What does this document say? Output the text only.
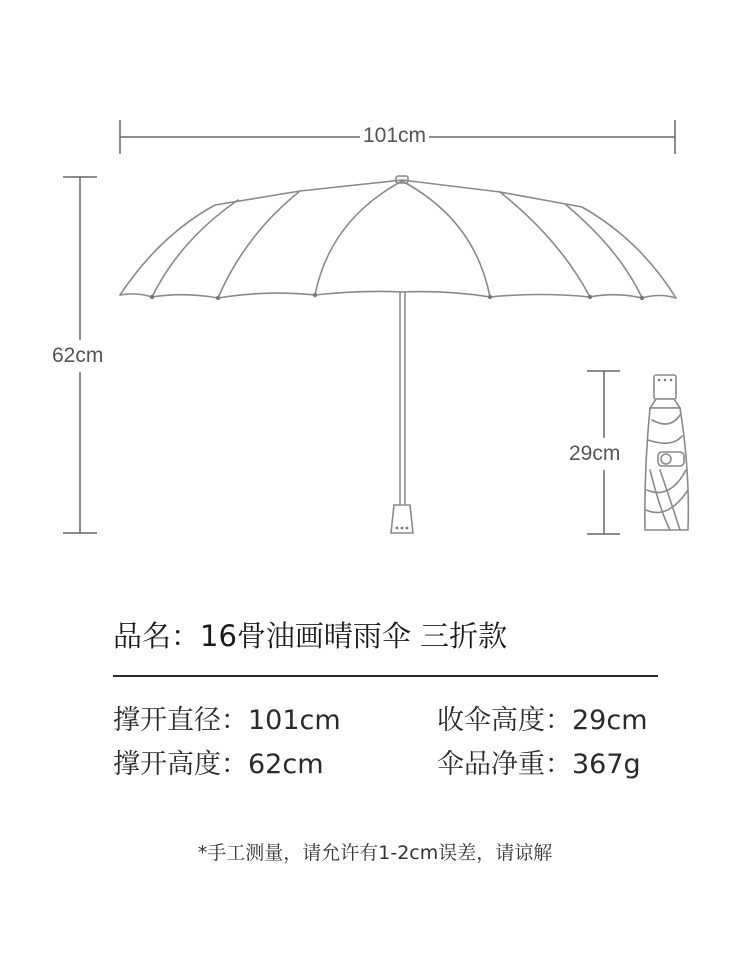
101cm
62cm
29cm
品名：16骨油画晴雨伞 三折款
撑开直径：101cm	收伞高度：29cm
撑开高度：62cm	伞品净重：367g
*手工测量，请允许有1-2cm误差，请谅解
